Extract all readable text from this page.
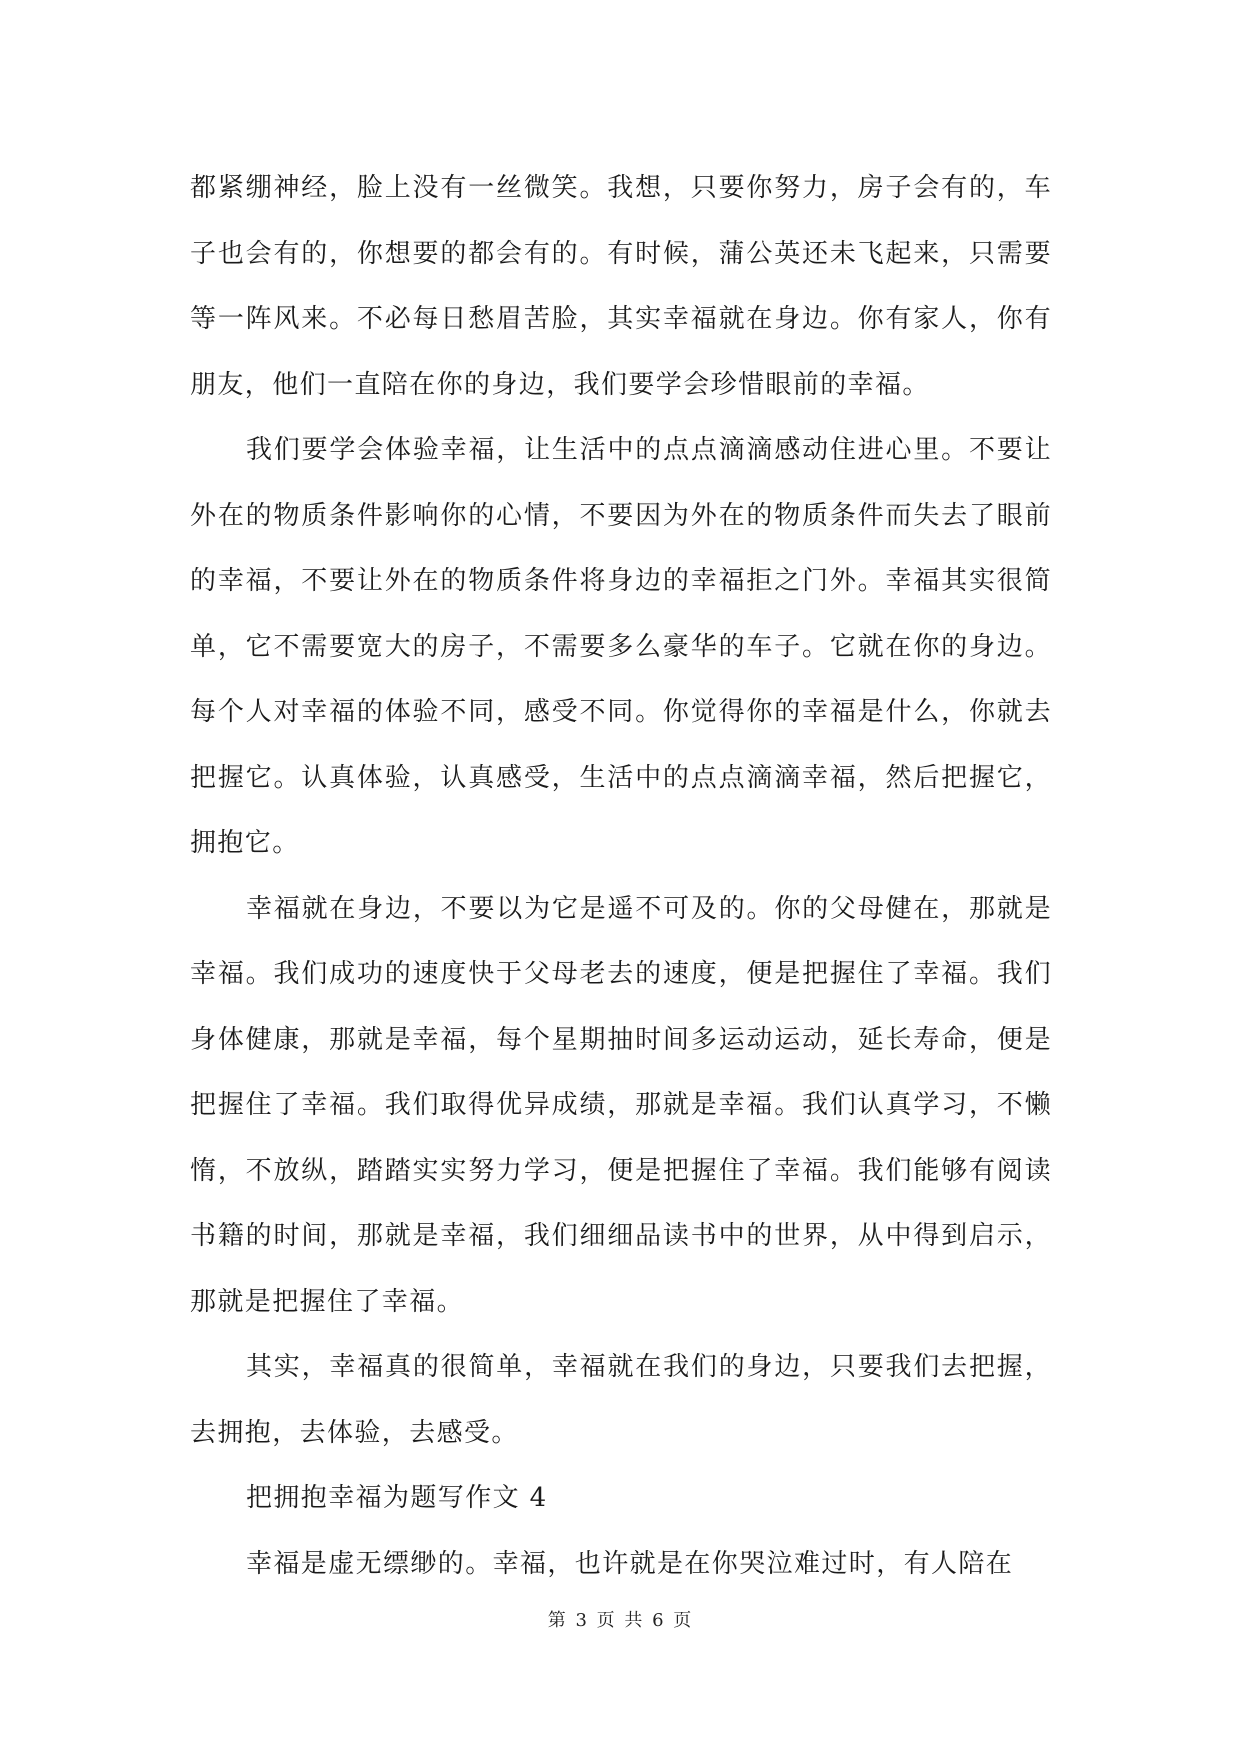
都紧绷神经，脸上没有一丝微笑。我想，只要你努力，房子会有的，车子也会有的，你想要的都会有的。有时候，蒲公英还未飞起来，只需要等一阵风来。不必每日愁眉苦脸，其实幸福就在身边。你有家人，你有朋友，他们一直陪在你的身边，我们要学会珍惜眼前的幸福。

我们要学会体验幸福，让生活中的点点滴滴感动住进心里。不要让外在的物质条件影响你的心情，不要因为外在的物质条件而失去了眼前的幸福，不要让外在的物质条件将身边的幸福拒之门外。幸福其实很简单，它不需要宽大的房子，不需要多么豪华的车子。它就在你的身边。每个人对幸福的体验不同，感受不同。你觉得你的幸福是什么，你就去把握它。认真体验，认真感受，生活中的点点滴滴幸福，然后把握它，拥抱它。

幸福就在身边，不要以为它是遥不可及的。你的父母健在，那就是幸福。我们成功的速度快于父母老去的速度，便是把握住了幸福。我们身体健康，那就是幸福，每个星期抽时间多运动运动，延长寿命，便是把握住了幸福。我们取得优异成绩，那就是幸福。我们认真学习，不懒惰，不放纵，踏踏实实努力学习，便是把握住了幸福。我们能够有阅读书籍的时间，那就是幸福，我们细细品读书中的世界，从中得到启示，那就是把握住了幸福。

其实，幸福真的很简单，幸福就在我们的身边，只要我们去把握，去拥抱，去体验，去感受。

把拥抱幸福为题写作文 4

幸福是虚无缥缈的。幸福，也许就是在你哭泣难过时，有人陪在

第 3 页 共 6 页
